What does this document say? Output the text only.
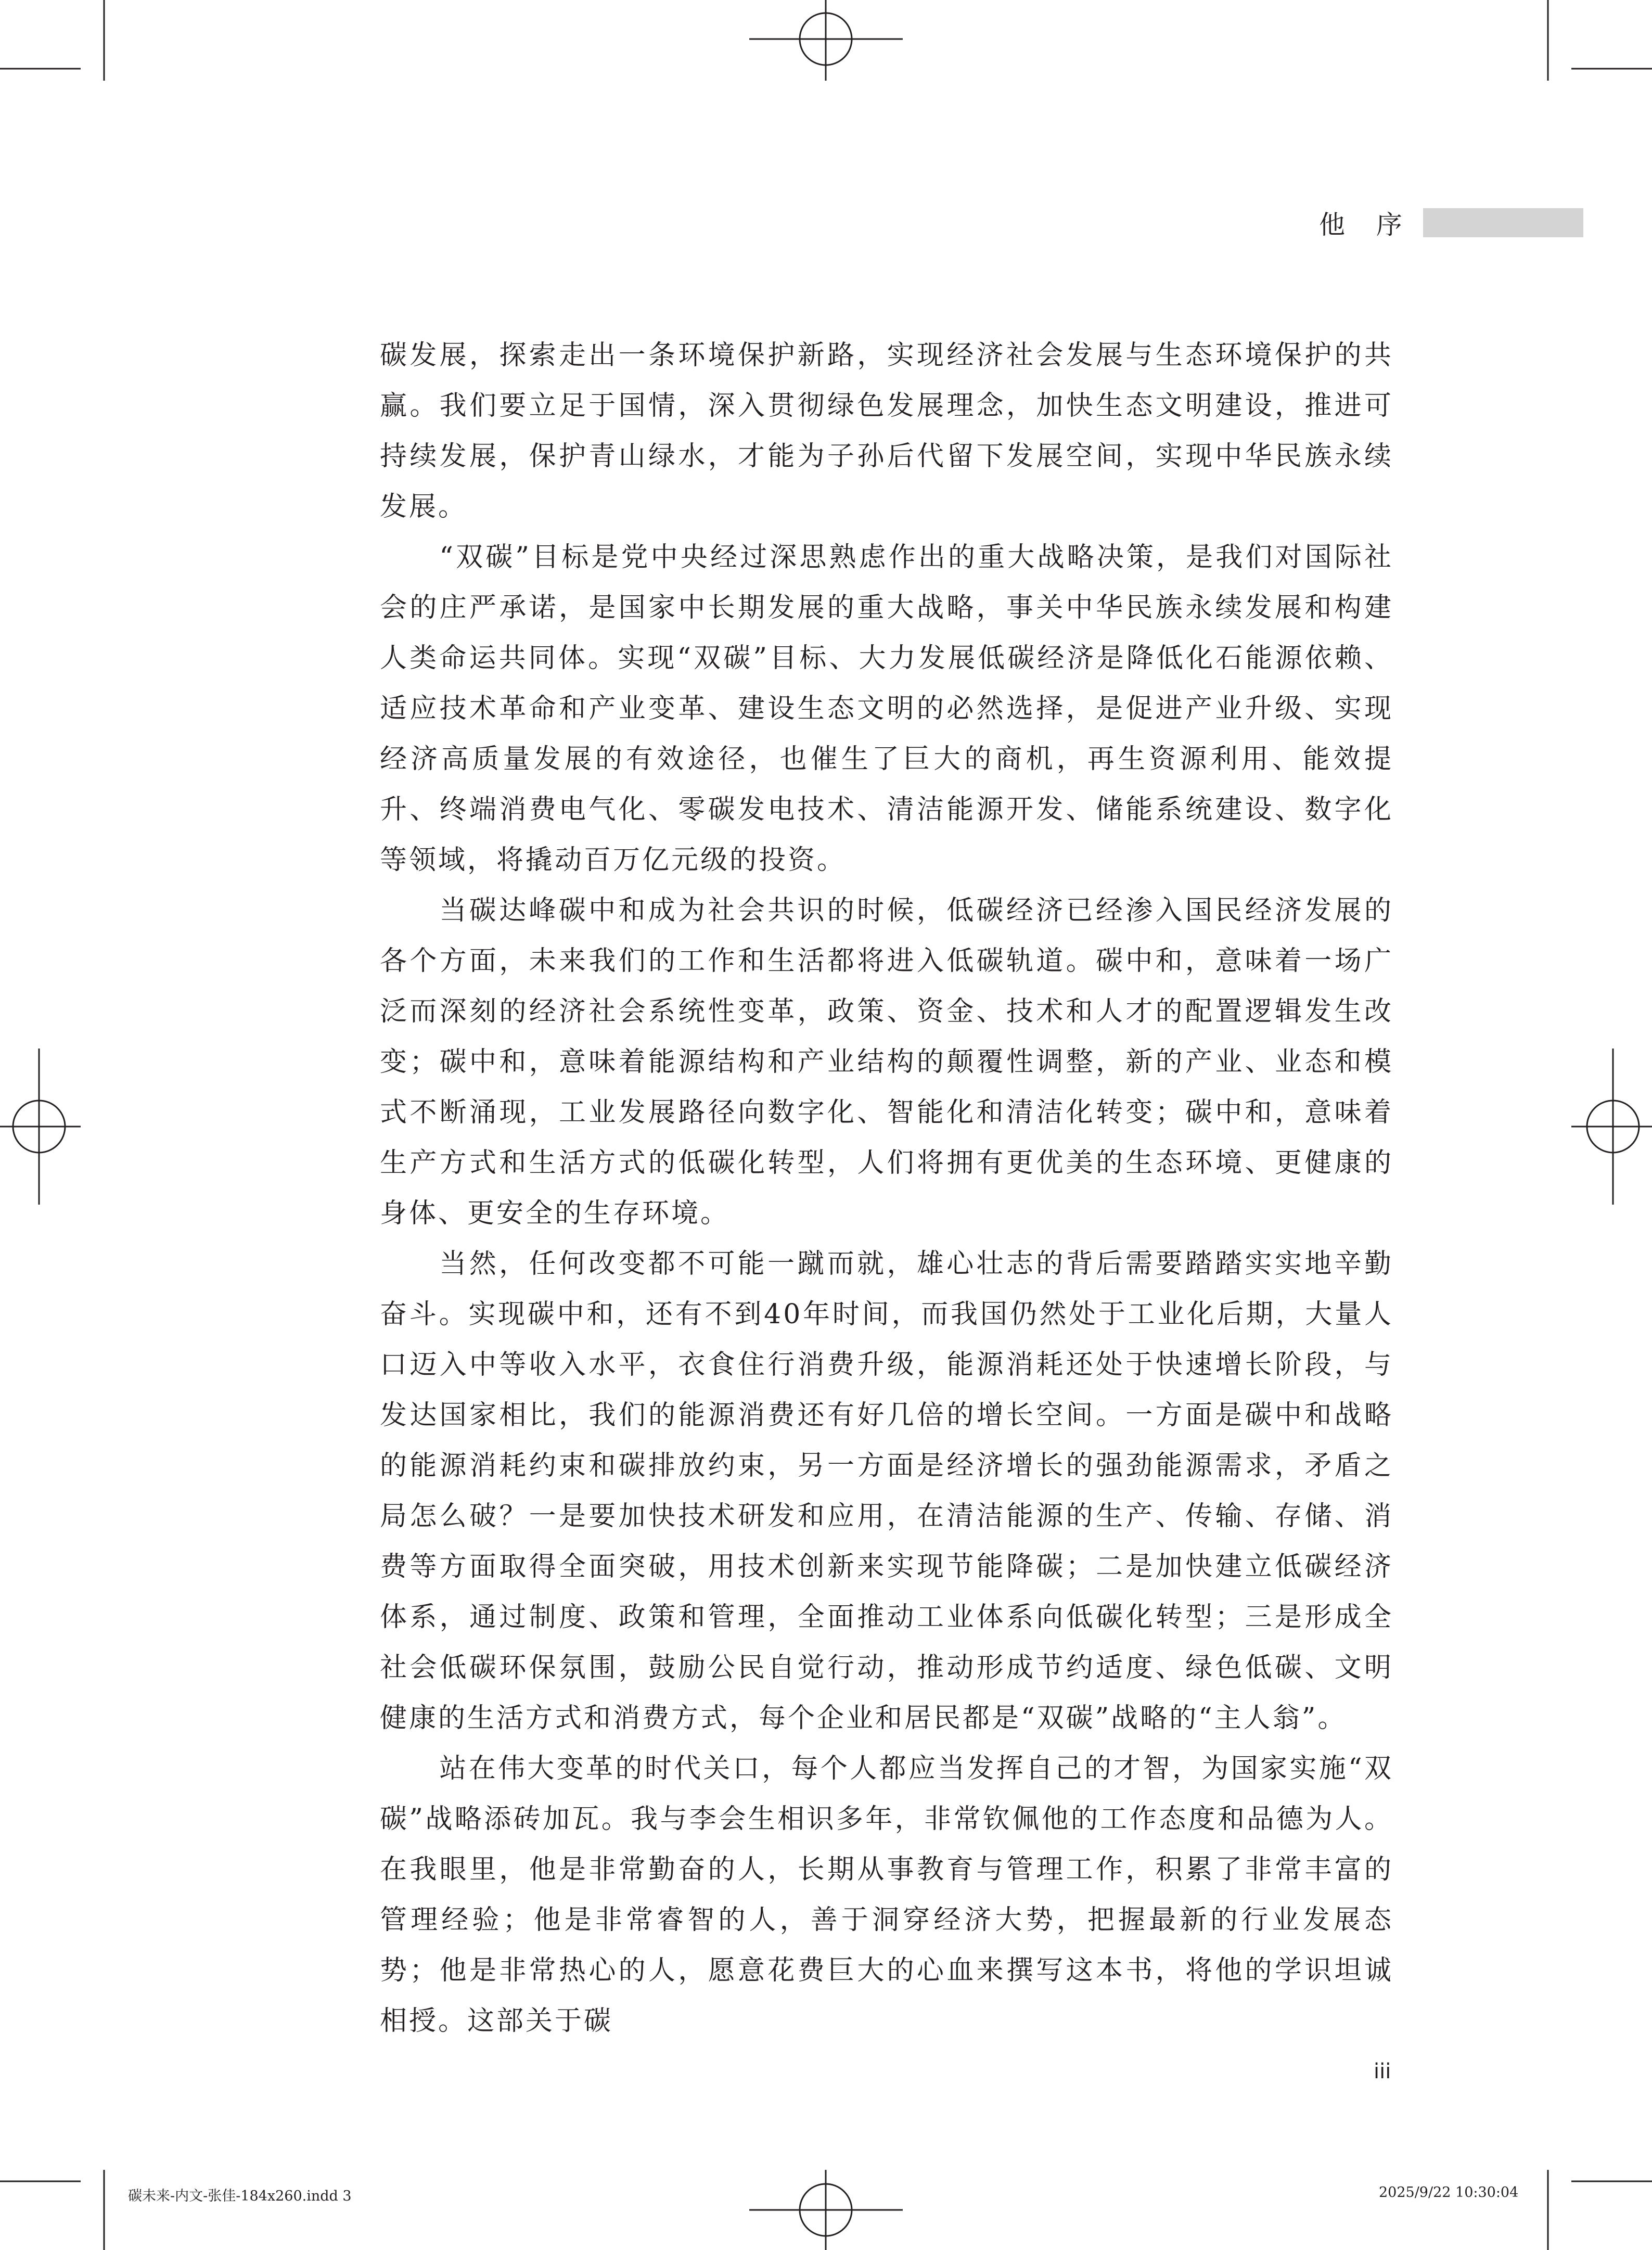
他 序

碳发展，探索走出一条环境保护新路，实现经济社会发展与生态环境保护的共赢。我们要立足于国情，深入贯彻绿色发展理念，加快生态文明建设，推进可持续发展，保护青山绿水，才能为子孙后代留下发展空间，实现中华民族永续发展。

“双碳”目标是党中央经过深思熟虑作出的重大战略决策，是我们对国际社会的庄严承诺，是国家中长期发展的重大战略，事关中华民族永续发展和构建人类命运共同体。实现“双碳”目标、大力发展低碳经济是降低化石能源依赖、适应技术革命和产业变革、建设生态文明的必然选择，是促进产业升级、实现经济高质量发展的有效途径，也催生了巨大的商机，再生资源利用、能效提升、终端消费电气化、零碳发电技术、清洁能源开发、储能系统建设、数字化等领域，将撬动百万亿元级的投资。

当碳达峰碳中和成为社会共识的时候，低碳经济已经渗入国民经济发展的各个方面，未来我们的工作和生活都将进入低碳轨道。碳中和，意味着一场广泛而深刻的经济社会系统性变革，政策、资金、技术和人才的配置逻辑发生改变；碳中和，意味着能源结构和产业结构的颠覆性调整，新的产业、业态和模式不断涌现，工业发展路径向数字化、智能化和清洁化转变；碳中和，意味着生产方式和生活方式的低碳化转型，人们将拥有更优美的生态环境、更健康的身体、更安全的生存环境。

当然，任何改变都不可能一蹴而就，雄心壮志的背后需要踏踏实实地辛勤奋斗。实现碳中和，还有不到40年时间，而我国仍然处于工业化后期，大量人口迈入中等收入水平，衣食住行消费升级，能源消耗还处于快速增长阶段，与发达国家相比，我们的能源消费还有好几倍的增长空间。一方面是碳中和战略的能源消耗约束和碳排放约束，另一方面是经济增长的强劲能源需求，矛盾之局怎么破？一是要加快技术研发和应用，在清洁能源的生产、传输、存储、消费等方面取得全面突破，用技术创新来实现节能降碳；二是加快建立低碳经济体系，通过制度、政策和管理，全面推动工业体系向低碳化转型；三是形成全社会低碳环保氛围，鼓励公民自觉行动，推动形成节约适度、绿色低碳、文明健康的生活方式和消费方式，每个企业和居民都是“双碳”战略的“主人翁”。

站在伟大变革的时代关口，每个人都应当发挥自己的才智，为国家实施“双碳”战略添砖加瓦。我与李会生相识多年，非常钦佩他的工作态度和品德为人。在我眼里，他是非常勤奋的人，长期从事教育与管理工作，积累了非常丰富的管理经验；他是非常睿智的人，善于洞穿经济大势，把握最新的行业发展态势；他是非常热心的人，愿意花费巨大的心血来撰写这本书，将他的学识坦诚相授。这部关于碳

iii
碳未来-内文-张佳-184x260.indd 3	2025/9/22 10:30:04
